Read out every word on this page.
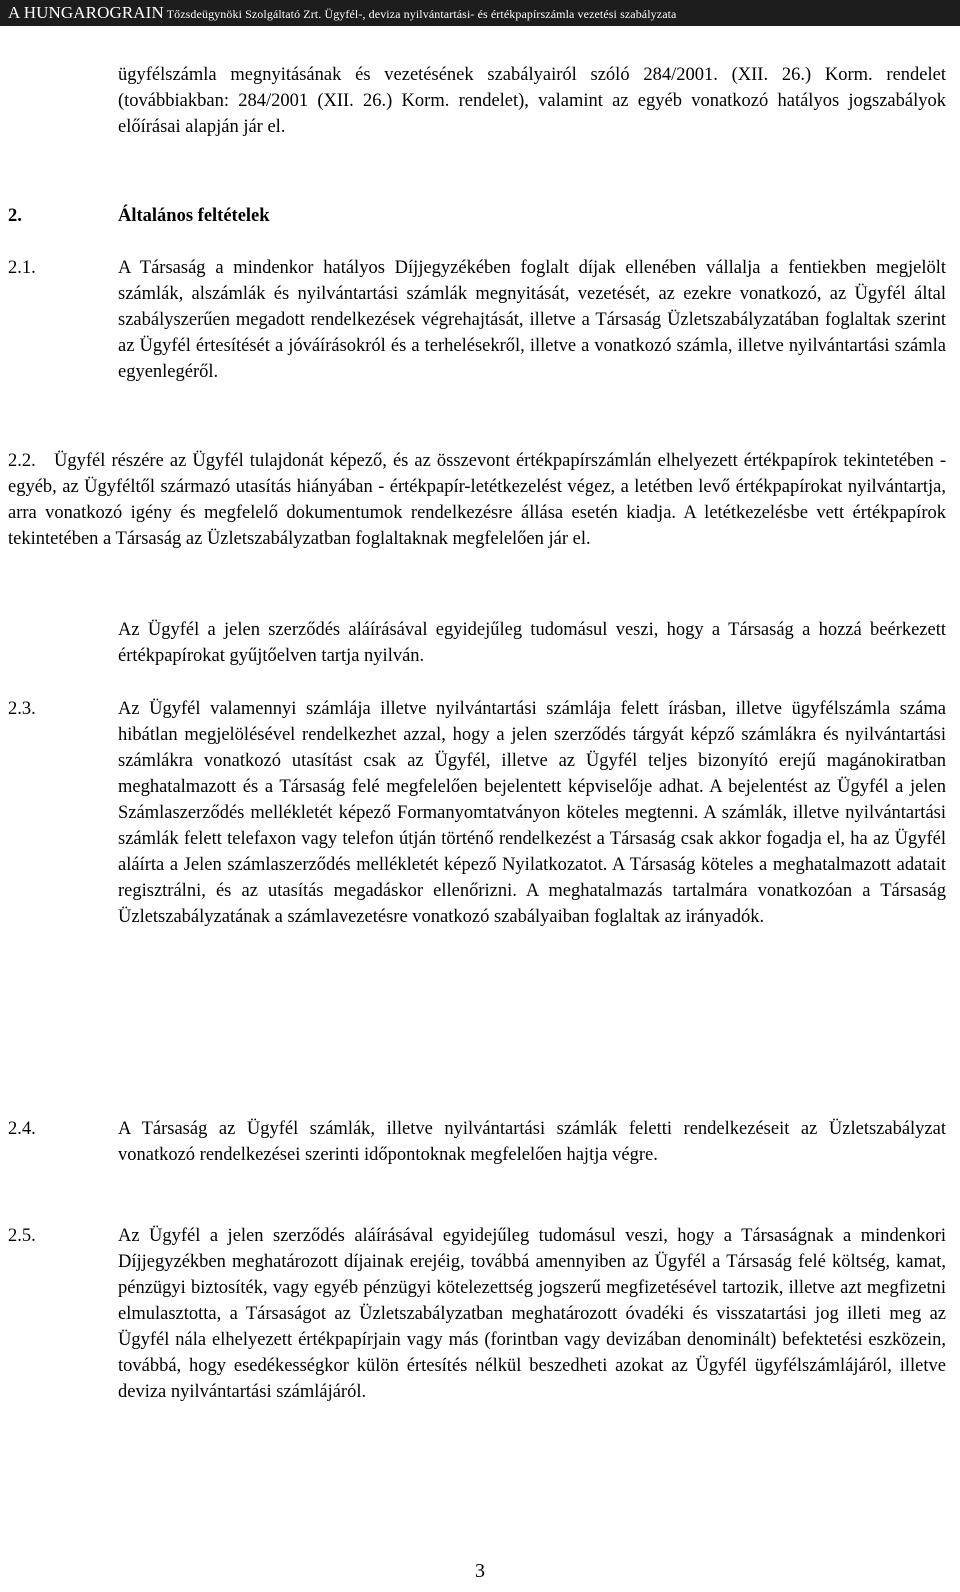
A HUNGAROGRAIN Tőzsdeügynöki Szolgáltató Zrt. Ügyfél-, deviza nyilvántartási- és értékpapírszámla vezetési szabályzata
ügyfélszámla megnyitásának és vezetésének szabályairól szóló 284/2001. (XII. 26.) Korm. rendelet (továbbiakban: 284/2001 (XII. 26.) Korm. rendelet), valamint az egyéb vonatkozó hatályos jogszabályok előírásai alapján jár el.
2.	Általános feltételek
2.1.	A Társaság a mindenkor hatályos Díjjegyzékében foglalt díjak ellenében vállalja a fentiekben megjelölt számlák, alszámlák és nyilvántartási számlák megnyitását, vezetését, az ezekre vonatkozó, az Ügyfél által szabályszerűen megadott rendelkezések végrehajtását, illetve a Társaság Üzletszabályzatában foglaltak szerint az Ügyfél értesítését a jóváírásokról és a terhelésekről, illetve a vonatkozó számla, illetve nyilvántartási számla egyenlegéről.
Ügyfél részére az Ügyfél tulajdonát képező, és az összevont értékpapírszámlán elhelyezett értékpapírok tekintetében - egyéb, az Ügyféltől származó utasítás hiányában - értékpapír-letétkezelést végez, a letétben levő értékpapírokat nyilvántartja, arra vonatkozó igény és megfelelő dokumentumok rendelkezésre állása esetén kiadja. A letétkezelésbe vett értékpapírok tekintetében a Társaság az Üzletszabályzatban foglaltaknak megfelelően jár el.
2.2.
Az Ügyfél a jelen szerződés aláírásával egyidejűleg tudomásul veszi, hogy a Társaság a hozzá beérkezett értékpapírokat gyűjtőelven tartja nyilván.
2.3.	Az Ügyfél valamennyi számlája illetve nyilvántartási számlája felett írásban, illetve ügyfélszámla száma hibátlan megjelölésével rendelkezhet azzal, hogy a jelen szerződés tárgyát képző számlákra és nyilvántartási számlákra vonatkozó utasítást csak az Ügyfél, illetve az Ügyfél teljes bizonyító erejű magánokiratban meghatalmazott és a Társaság felé megfelelően bejelentett képviselője adhat. A bejelentést az Ügyfél a jelen Számlaszerződés mellékletét képező Formanyomtatványon köteles megtenni. A számlák, illetve nyilvántartási számlák felett telefaxon vagy telefon útján történő rendelkezést a Társaság csak akkor fogadja el, ha az Ügyfél aláírta a Jelen számlaszerződés mellékletét képező Nyilatkozatot. A Társaság köteles a meghatalmazott adatait regisztrálni, és az utasítás megadáskor ellenőrizni. A meghatalmazás tartalmára vonatkozóan a Társaság Üzletszabályzatának a számlavezetésre vonatkozó szabályaiban foglaltak az irányadók.
2.4.	A Társaság az Ügyfél számlák, illetve nyilvántartási számlák feletti rendelkezéseit az Üzletszabályzat vonatkozó rendelkezései szerinti időpontoknak megfelelően hajtja végre.
2.5.	Az Ügyfél a jelen szerződés aláírásával egyidejűleg tudomásul veszi, hogy a Társaságnak a mindenkori Díjjegyzékben meghatározott díjainak erejéig, továbbá amennyiben az Ügyfél a Társaság felé költség, kamat, pénzügyi biztosíték, vagy egyéb pénzügyi kötelezettség jogszerű megfizetésével tartozik, illetve azt megfizetni elmulasztotta, a Társaságot az Üzletszabályzatban meghatározott óvadéki és visszatartási jog illeti meg az Ügyfél nála elhelyezett értékpapírjain vagy más (forintban vagy devizában denominált) befektetési eszközein, továbbá, hogy esedékességkor külön értesítés nélkül beszedheti azokat az Ügyfél ügyfélszámlájáról, illetve deviza nyilvántartási számlájáról.
3
